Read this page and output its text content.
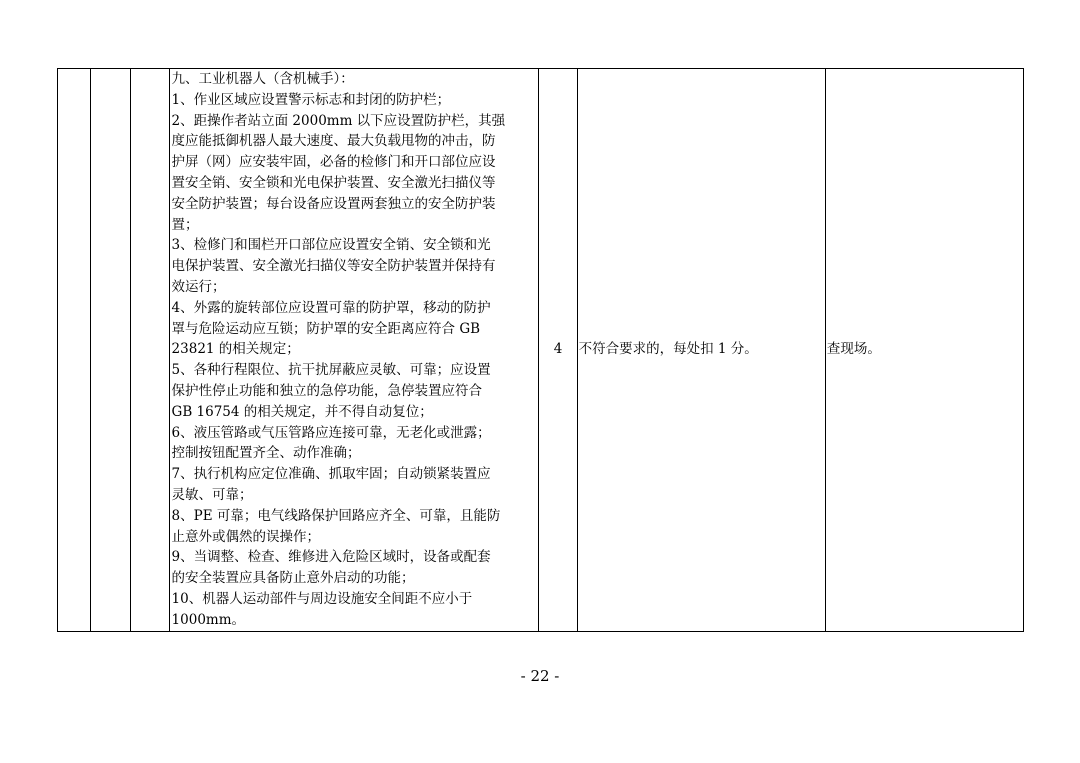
九、工业机器人（含机械手）：
1、作业区域应设置警示标志和封闭的防护栏；
2、距操作者站立面 2000mm 以下应设置防护栏，其强
度应能抵御机器人最大速度、最大负载甩物的冲击，防
护屏（网）应安装牢固，必备的检修门和开口部位应设
置安全销、安全锁和光电保护装置、安全激光扫描仪等
安全防护装置；每台设备应设置两套独立的安全防护装
置；
3、检修门和围栏开口部位应设置安全销、安全锁和光
电保护装置、安全激光扫描仪等安全防护装置并保持有
效运行；
4、外露的旋转部位应设置可靠的防护罩，移动的防护
罩与危险运动应互锁；防护罩的安全距离应符合 GB
23821 的相关规定；
5、各种行程限位、抗干扰屏蔽应灵敏、可靠；应设置
保护性停止功能和独立的急停功能，急停装置应符合
GB 16754 的相关规定，并不得自动复位；
6、液压管路或气压管路应连接可靠，无老化或泄露；
控制按钮配置齐全、动作准确；
7、执行机构应定位准确、抓取牢固；自动锁紧装置应
灵敏、可靠；
8、PE 可靠；电气线路保护回路应齐全、可靠，且能防
止意外或偶然的误操作；
9、当调整、检查、维修进入危险区域时，设备或配套
的安全装置应具备防止意外启动的功能；
10、机器人运动部件与周边设施安全间距不应小于
1000mm。
	4	不符合要求的，每处扣 1 分。	查现场。
- 22 -
